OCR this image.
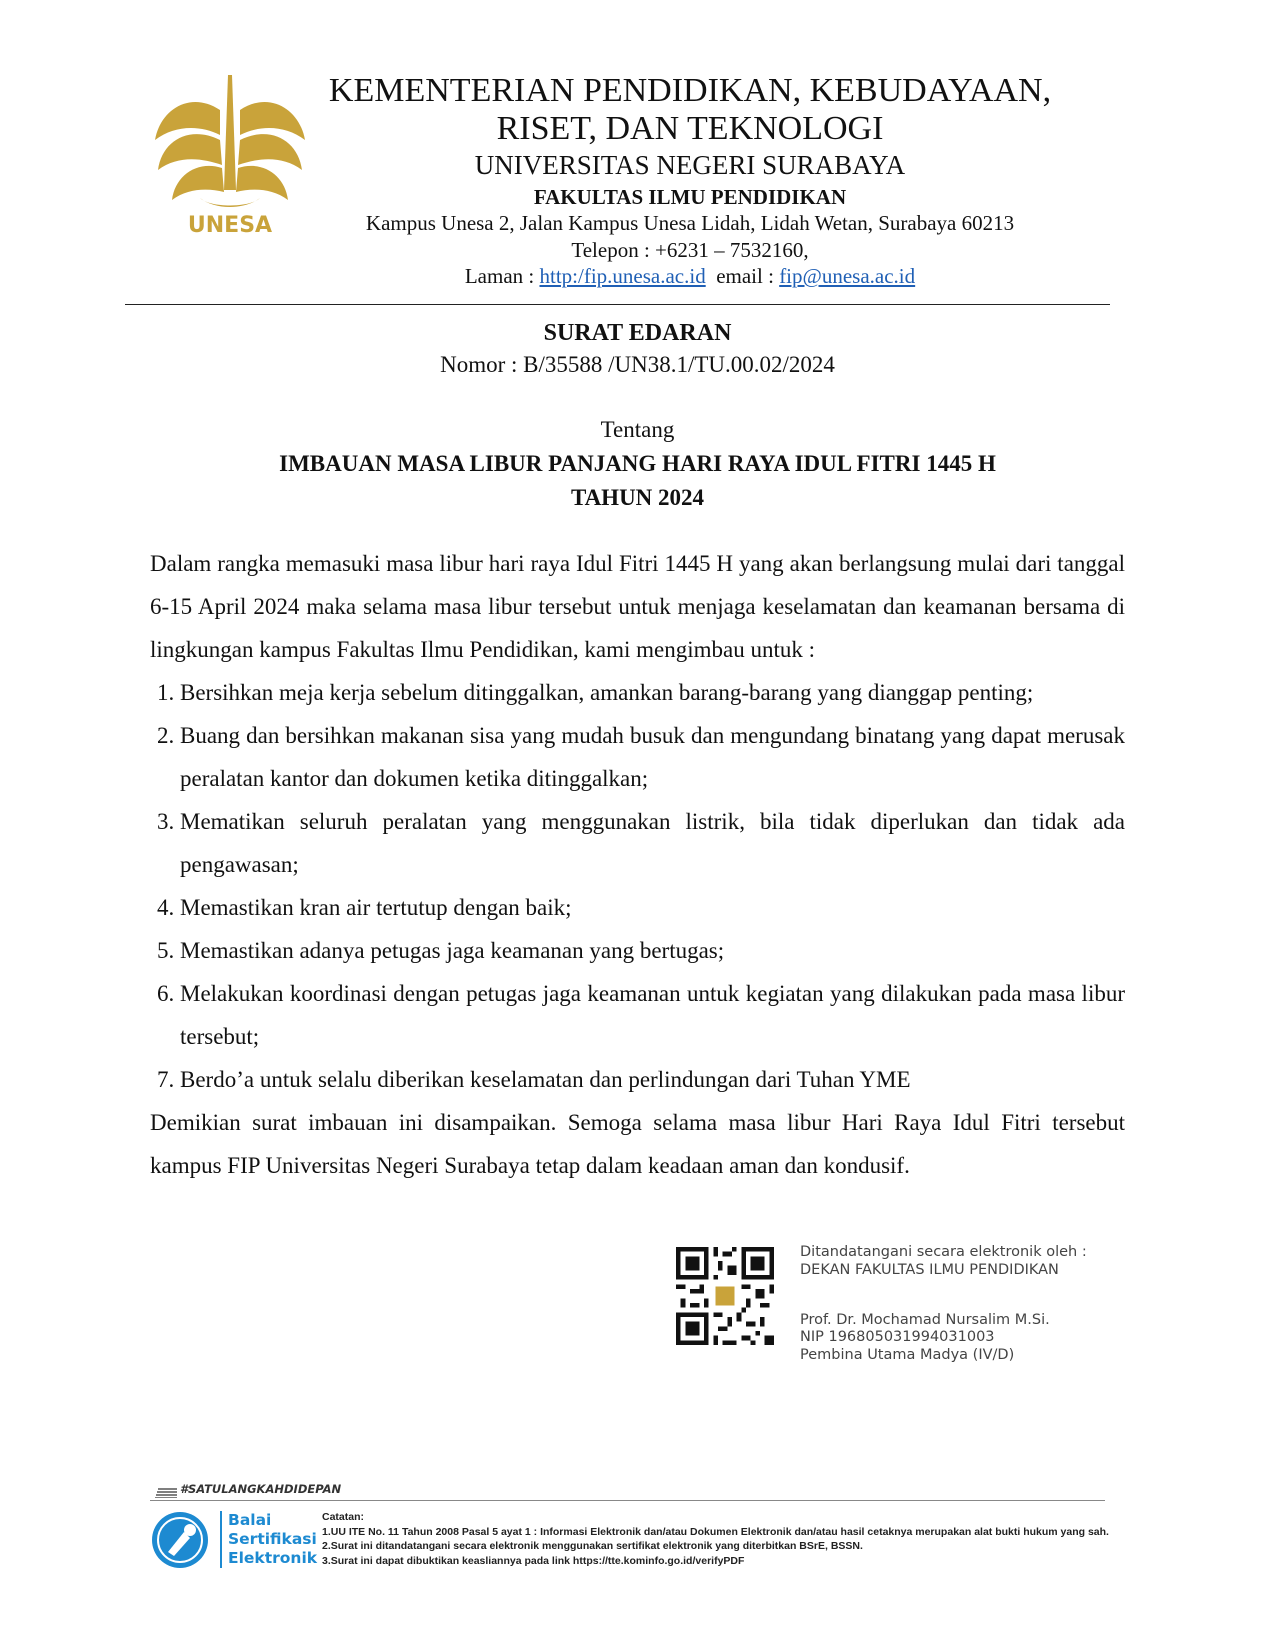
UNESA
KEMENTERIAN PENDIDIKAN, KEBUDAYAAN,
RISET, DAN TEKNOLOGI
UNIVERSITAS NEGERI SURABAYA
FAKULTAS ILMU PENDIDIKAN
Kampus Unesa 2, Jalan Kampus Unesa Lidah, Lidah Wetan, Surabaya 60213
Telepon : +6231 – 7532160,
Laman : http:/fip.unesa.ac.id  email : fip@unesa.ac.id
SURAT EDARAN
Nomor : B/35588 /UN38.1/TU.00.02/2024
Tentang
IMBAUAN MASA LIBUR PANJANG HARI RAYA IDUL FITRI 1445 H
TAHUN 2024

Dalam rangka memasuki masa libur hari raya Idul Fitri 1445 H yang akan berlangsung mulai dari tanggal 6-15 April 2024 maka selama masa libur tersebut untuk menjaga keselamatan dan keamanan bersama di lingkungan kampus Fakultas Ilmu Pendidikan, kami mengimbau untuk :

1. Bersihkan meja kerja sebelum ditinggalkan, amankan barang-barang yang dianggap penting;
2. Buang dan bersihkan makanan sisa yang mudah busuk dan mengundang binatang yang dapat merusak peralatan kantor dan dokumen ketika ditinggalkan;
3. Mematikan seluruh peralatan yang menggunakan listrik, bila tidak diperlukan dan tidak ada pengawasan;
4. Memastikan kran air tertutup dengan baik;
5. Memastikan adanya petugas jaga keamanan yang bertugas;
6. Melakukan koordinasi dengan petugas jaga keamanan untuk kegiatan yang dilakukan pada masa libur tersebut;
7. Berdo’a untuk selalu diberikan keselamatan dan perlindungan dari Tuhan YME

Demikian surat imbauan ini disampaikan. Semoga selama masa libur Hari Raya Idul Fitri tersebut kampus FIP Universitas Negeri Surabaya tetap dalam keadaan aman dan kondusif.

Ditandatangani secara elektronik oleh :
DEKAN FAKULTAS ILMU PENDIDIKAN
Prof. Dr. Mochamad Nursalim M.Si.
NIP 196805031994031003
Pembina Utama Madya (IV/D)
#SATULANGKAHDIDEPAN
Balai
Sertifikasi
Elektronik
Catatan:
1.UU ITE No. 11 Tahun 2008 Pasal 5 ayat 1 : Informasi Elektronik dan/atau Dokumen Elektronik dan/atau hasil cetaknya merupakan alat bukti hukum yang sah.
2.Surat ini ditandatangani secara elektronik menggunakan sertifikat elektronik yang diterbitkan BSrE, BSSN.
3.Surat ini dapat dibuktikan keasliannya pada link https://tte.kominfo.go.id/verifyPDF
